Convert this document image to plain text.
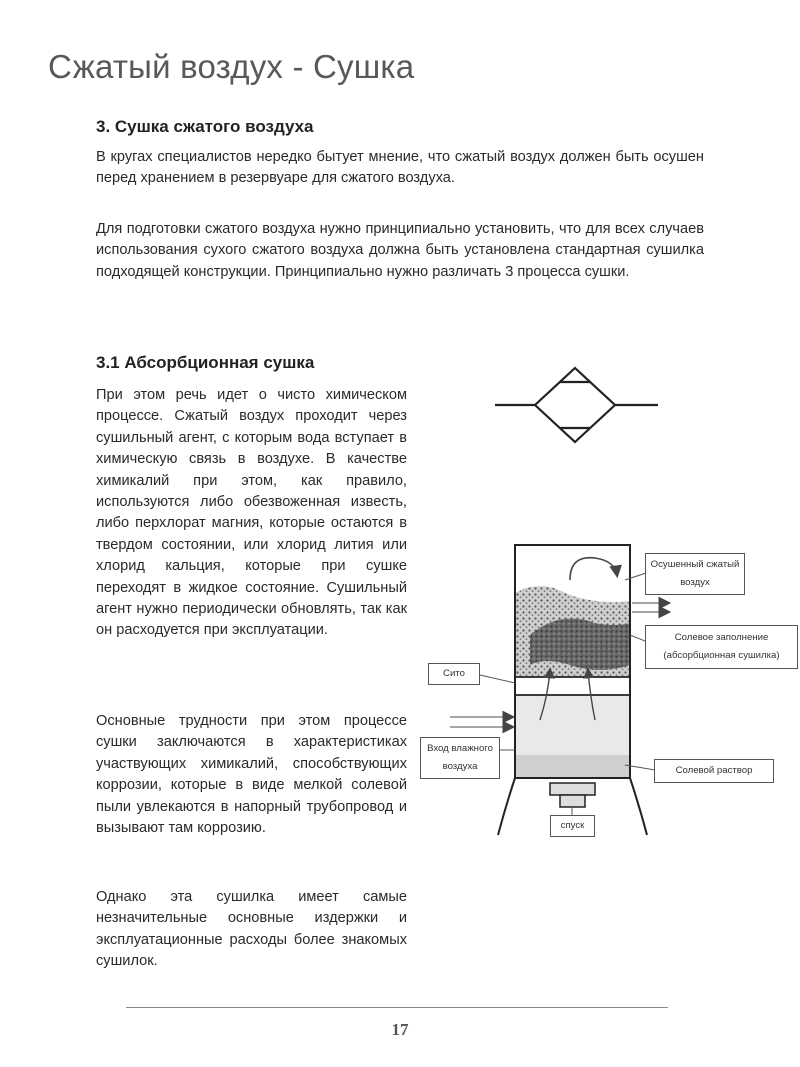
Сжатый воздух - Сушка
3. Сушка сжатого воздуха

В кругах специалистов нередко бытует мнение, что сжатый воздух должен быть осушен перед хранением в резервуаре для сжатого воздуха.

Для подготовки сжатого воздуха нужно принципиально установить, что для всех случаев использования сухого сжатого воздуха должна быть установлена стандартная сушилка подходящей конструкции. Принципиально нужно различать 3 процесса сушки.

3.1 Абсорбционная сушка

При этом речь идет о чисто химическом процессе. Сжатый воздух проходит через сушильный агент, с которым вода вступает в химическую связь в воздухе. В качестве химикалий при этом, как правило, используются либо обезвоженная известь, либо перхлорат магния, которые остаются в твердом состоянии, или хлорид лития или хлорид кальция, которые при сушке переходят в жидкое состояние. Сушильный агент нужно периодически обновлять, так как он расходуется при эксплуатации.

Основные трудности при этом процессе сушки заключаются в характеристиках участвующих химикалий, способствующих коррозии, которые в виде мелкой солевой пыли увлекаются в напорный трубопровод и вызывают там коррозию.

Однако эта сушилка имеет самые незначительные основные издержки и эксплуатационные расходы более знакомых сушилок.

Осушенный сжатый
воздух
Солевое заполнение
(абсорбционная сушилка)
Сито
Вход влажного
воздуха	Солевой раствор
спуск
17
